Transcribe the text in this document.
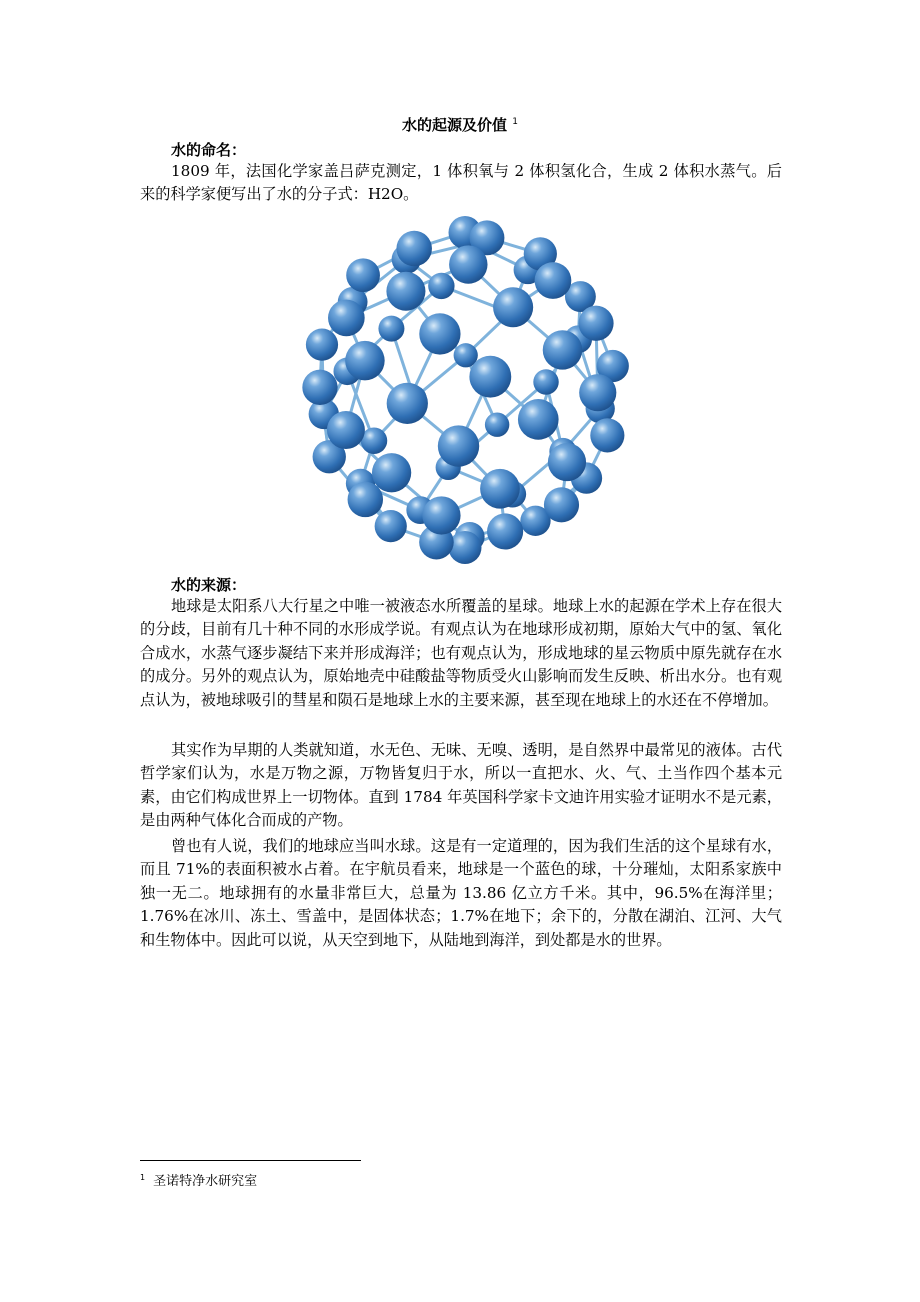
水的起源及价值 $^1$
水的命名：

1809 年，法国化学家盖吕萨克测定，1 体积氧与 2 体积氢化合，生成 2 体积水蒸气。后来的科学家便写出了水的分子式：H2O。

水的来源：

地球是太阳系八大行星之中唯一被液态水所覆盖的星球。地球上水的起源在学术上存在很大的分歧，目前有几十种不同的水形成学说。有观点认为在地球形成初期，原始大气中的氢、氧化合成水，水蒸气逐步凝结下来并形成海洋；也有观点认为，形成地球的星云物质中原先就存在水的成分。另外的观点认为，原始地壳中硅酸盐等物质受火山影响而发生反映、析出水分。也有观点认为，被地球吸引的彗星和陨石是地球上水的主要来源，甚至现在地球上的水还在不停增加。

其实作为早期的人类就知道，水无色、无味、无嗅、透明，是自然界中最常见的液体。古代哲学家们认为，水是万物之源，万物皆复归于水，所以一直把水、火、气、土当作四个基本元素，由它们构成世界上一切物体。直到 1784 年英国科学家卡文迪许用实验才证明水不是元素，是由两种气体化合而成的产物。

曾也有人说，我们的地球应当叫水球。这是有一定道理的，因为我们生活的这个星球有水，而且 71%的表面积被水占着。在宇航员看来，地球是一个蓝色的球，十分璀灿，太阳系家族中独一无二。地球拥有的水量非常巨大，总量为 13.86 亿立方千米。其中，96.5%在海洋里；1.76%在冰川、冻土、雪盖中，是固体状态；1.7%在地下；余下的，分散在湖泊、江河、大气和生物体中。因此可以说，从天空到地下，从陆地到海洋，到处都是水的世界。

$^1$ 圣诺特净水研究室
